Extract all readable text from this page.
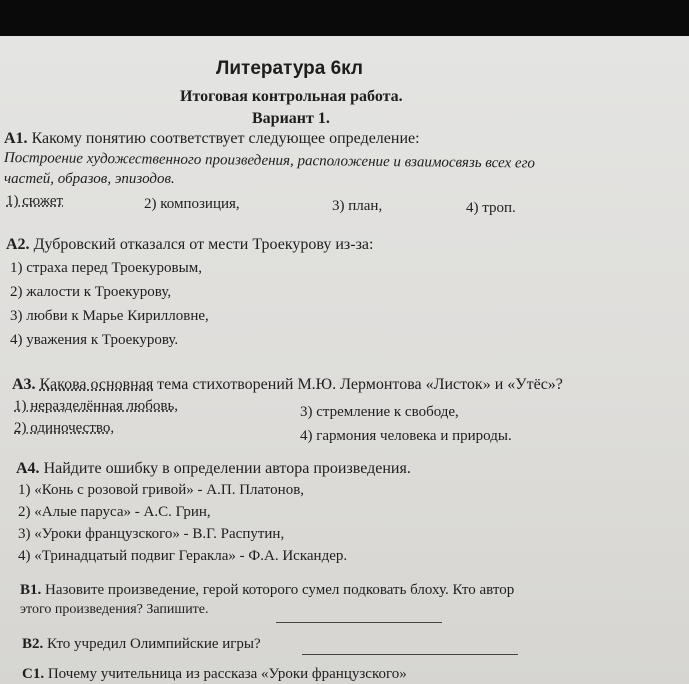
Литература 6кл
Итоговая контрольная работа.
Вариант 1.
А1. Какому понятию соответствует следующее определение:
Построение художественного произведения, расположение и взаимосвязь всех его
частей, образов, эпизодов.
1) сюжет	2) композиция,	3) план,	4) троп.
А2. Дубровский отказался от мести Троекурову из-за:
1) страха перед Троекуровым,
2) жалости к Троекурову,
3) любви к Марье Кирилловне,
4) уважения к Троекурову.
А3. Какова основная тема стихотворений М.Ю. Лермонтова «Листок» и «Утёс»?
1) неразделённая любовь,	3) стремление к свободе,
2) одиночество,	4) гармония человека и природы.
А4. Найдите ошибку в определении автора произведения.
1) «Конь с розовой гривой» - А.П. Платонов,
2) «Алые паруса» - А.С. Грин,
3) «Уроки французского» - В.Г. Распутин,
4) «Тринадцатый подвиг Геракла» - Ф.А. Искандер.
В1. Назовите произведение, герой которого сумел подковать блоху. Кто автор
этого произведения? Запишите.
В2. Кто учредил Олимпийские игры?
С1. Почему учительница из рассказа «Уроки французского»
